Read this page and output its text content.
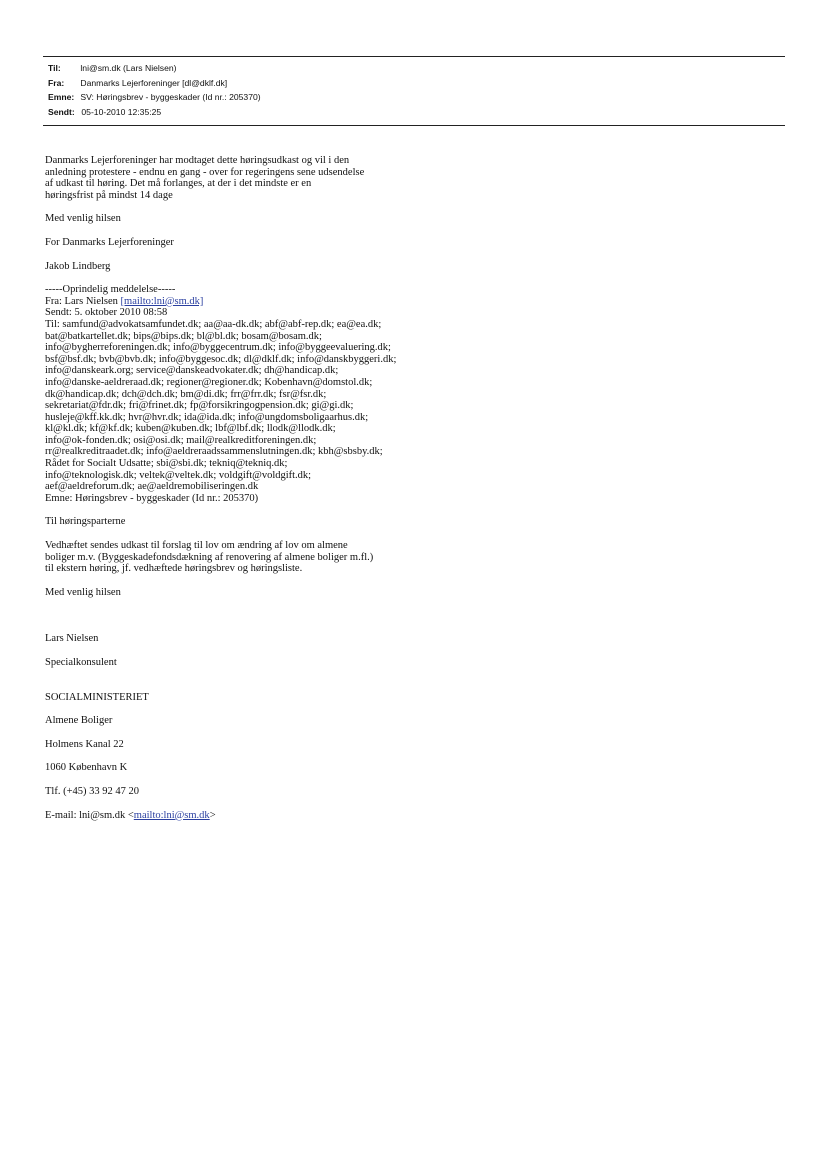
Til: lni@sm.dk (Lars Nielsen)
Fra: Danmarks Lejerforeninger [dl@dklf.dk]
Emne: SV: Høringsbrev - byggeskader (Id nr.: 205370)
Sendt: 05-10-2010 12:35:25

Danmarks Lejerforeninger har modtaget dette høringsudkast og vil i den
anledning protestere - endnu en gang - over for regeringens sene udsendelse
af udkast til høring. Det må forlanges, at der i det mindste er en
høringsfrist på mindst 14 dage

Med venlig hilsen

For Danmarks Lejerforeninger

Jakob Lindberg

-----Oprindelig meddelelse-----
Fra: Lars Nielsen [mailto:lni@sm.dk]
Sendt: 5. oktober 2010 08:58
Til: samfund@advokatsamfundet.dk; aa@aa-dk.dk; abf@abf-rep.dk; ea@ea.dk;
bat@batkartellet.dk; bips@bips.dk; bl@bl.dk; bosam@bosam.dk;
info@bygherreforeningen.dk; info@byggecentrum.dk; info@byggeevaluering.dk;
bsf@bsf.dk; bvb@bvb.dk; info@byggesoc.dk; dl@dklf.dk; info@danskbyggeri.dk;
info@danskeark.org; service@danskeadvokater.dk; dh@handicap.dk;
info@danske-aeldreraad.dk; regioner@regioner.dk; Kobenhavn@domstol.dk;
dk@handicap.dk; dch@dch.dk; bm@di.dk; frr@frr.dk; fsr@fsr.dk;
sekretariat@fdr.dk; fri@frinet.dk; fp@forsikringogpension.dk; gi@gi.dk;
husleje@kff.kk.dk; hvr@hvr.dk; ida@ida.dk; info@ungdomsboligaarhus.dk;
kl@kl.dk; kf@kf.dk; kuben@kuben.dk; lbf@lbf.dk; llodk@llodk.dk;
info@ok-fonden.dk; osi@osi.dk; mail@realkreditforeningen.dk;
rr@realkreditraadet.dk; info@aeldreraadssammenslutningen.dk; kbh@sbsby.dk;
Rådet for Socialt Udsatte; sbi@sbi.dk; tekniq@tekniq.dk;
info@teknologisk.dk; veltek@veltek.dk; voldgift@voldgift.dk;
aef@aeldreforum.dk; ae@aeldremobiliseringen.dk
Emne: Høringsbrev - byggeskader (Id nr.: 205370)

Til høringsparterne

Vedhæftet sendes udkast til forslag til lov om ændring af lov om almene
boliger m.v. (Byggeskadefondsdækning af renovering af almene boliger m.fl.)
til ekstern høring, jf. vedhæftede høringsbrev og høringsliste.

Med venlig hilsen

Lars Nielsen

Specialkonsulent

SOCIALMINISTERIET

Almene Boliger

Holmens Kanal 22

1060 København K

Tlf. (+45) 33 92 47 20

E-mail: lni@sm.dk <mailto:lni@sm.dk>
